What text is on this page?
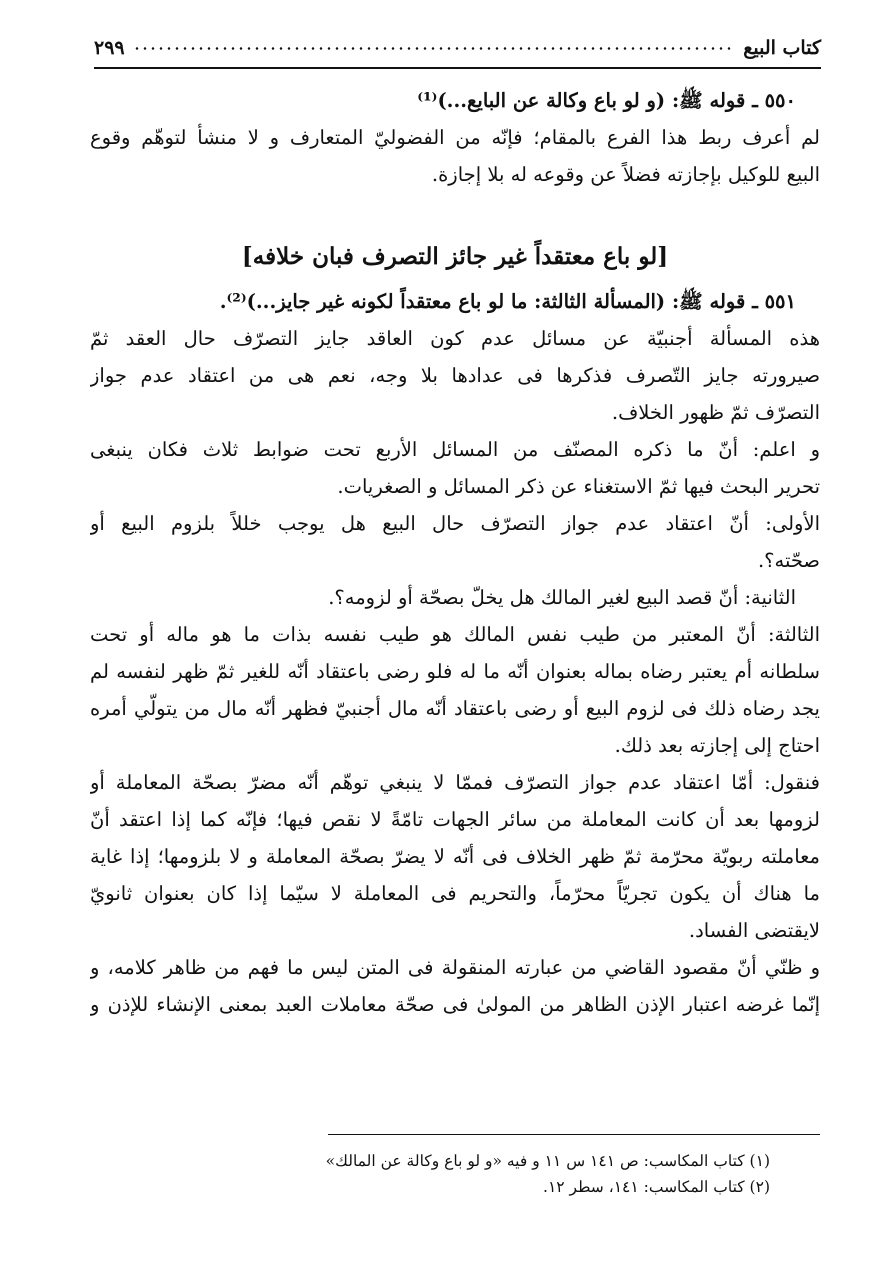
كتاب البيع
٢٩٩
٥٥٠ ـ قوله ﷺ: (و لو باع وكالة عن البايع...)⁽¹⁾
لم أعرف ربط هذا الفرع بالمقام؛ فإنّه من الفضوليّ المتعارف و لا منشأ لتوهّم وقوع
البيع للوكيل بإجازته فضلاً عن وقوعه له بلا إجازة.
[لو باع معتقداً غير جائز التصرف فبان خلافه]
٥٥١ ـ قوله ﷺ: (المسألة الثالثة: ما لو باع معتقداً لكونه غير جايز...)⁽²⁾.
هذه المسألة أجنبيّة عن مسائل عدم كون العاقد جايز التصرّف حال العقد ثمّ
صيرورته جايز التّصرف فذكرها فى عدادها بلا وجه، نعم هى من اعتقاد عدم جواز
التصرّف ثمّ ظهور الخلاف.
و اعلم: أنّ ما ذكره المصنّف من المسائل الأربع تحت ضوابط ثلاث فكان ينبغى
تحرير البحث فيها ثمّ الاستغناء عن ذكر المسائل و الصغريات.
الأولى: أنّ اعتقاد عدم جواز التصرّف حال البيع هل يوجب خللاً بلزوم البيع أو
صحّته؟.
الثانية: أنّ قصد البيع لغير المالك هل يخلّ بصحّة أو لزومه؟.
الثالثة: أنّ المعتبر من طيب نفس المالك هو طيب نفسه بذات ما هو ماله أو تحت
سلطانه أم يعتبر رضاه بماله بعنوان أنّه ما له فلو رضى باعتقاد أنّه للغير ثمّ ظهر لنفسه لم
يجد رضاه ذلك فى لزوم البيع أو رضى باعتقاد أنّه مال أجنبيّ فظهر أنّه مال من يتولّي أمره
احتاج إلى إجازته بعد ذلك.
فنقول: أمّا اعتقاد عدم جواز التصرّف فممّا لا ينبغي توهّم أنّه مضرّ بصحّة المعاملة أو
لزومها بعد أن كانت المعاملة من سائر الجهات تامّةً لا نقص فيها؛ فإنّه كما إذا اعتقد أنّ
معاملته ربويّة محرّمة ثمّ ظهر الخلاف فى أنّه لا يضرّ بصحّة المعاملة و لا بلزومها؛ إذا غاية
ما هناك أن يكون تجريّاً محرّماً، والتحريم فى المعاملة لا سيّما إذا كان بعنوان ثانويّ
لايقتضى الفساد.
و ظنّي أنّ مقصود القاضي من عبارته المنقولة فى المتن ليس ما فهم من ظاهر كلامه، و
إنّما غرضه اعتبار الإذن الظاهر من المولىٰ فى صحّة معاملات العبد بمعنى الإنشاء للإذن و
(١) كتاب المكاسب: ص ١٤١ س ١١ و فيه «و لو باع وكالة عن المالك»
(٢) كتاب المكاسب: ١٤١، سطر ١٢.
